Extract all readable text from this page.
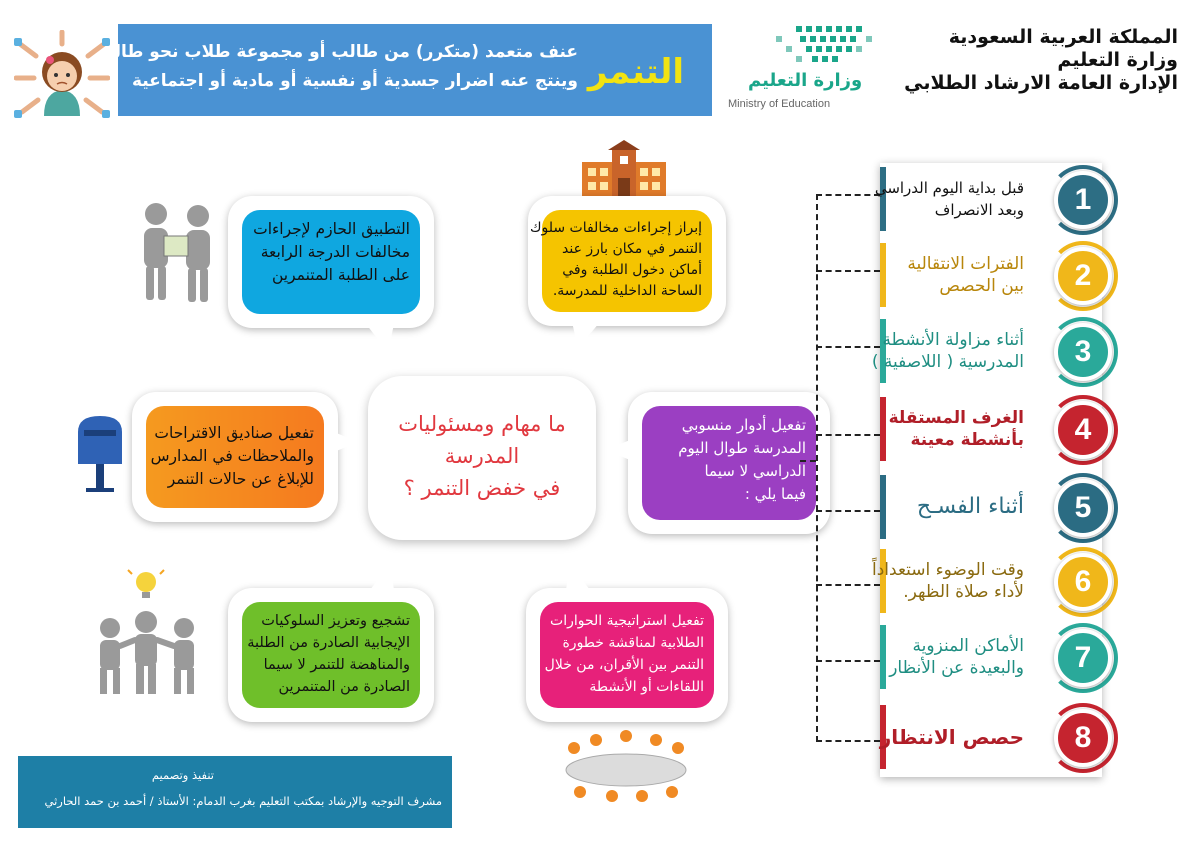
التنمر
عنف متعمد (متكرر) من طالب أو مجموعة طلاب نحو طالب
وينتج عنه اضرار جسدية أو نفسية أو مادية أو اجتماعية	وزارة التعليم
Ministry of Education
المملكة العربية السعودية
وزارة التعليم
الإدارة العامة الارشاد الطلابي
التطبيق الحازم لإجراءات
مخالفات الدرجة الرابعة
على الطلبة المتنمرين
إبراز إجراءات مخالفات سلوك
التنمر في مكان بارز عند
أماكن دخول الطلبة وفي
الساحة الداخلية للمدرسة.
تفعيل صناديق الاقتراحات
والملاحظات في المدارس
للإبلاغ عن حالات التنمر
تفعيل أدوار منسوبي
المدرسة طوال اليوم
الدراسي لا سيما
فيما يلي :
تشجيع وتعزيز السلوكيات
الإيجابية الصادرة من الطلبة
والمناهضة للتنمر لا سيما
الصادرة من المتنمرين
تفعيل استراتيجية الحوارات
الطلابية لمناقشة خطورة
التنمر بين الأقران، من خلال
اللقاءات أو الأنشطة
ما مهام ومسئوليات
المدرسة
في خفض التنمر ؟
قبل بداية اليوم الدراسي
وبعد الانصراف	1
الفترات الانتقالية
بين الحصص	2
أثناء مزاولة الأنشطة
المدرسية ( اللاصفية )	3
الغرف المستقلة
بأنشطة معينة	4
أثناء الفسـح	5
وقت الوضوء استعداداً
لأداء صلاة الظهر.	6
الأماكن المنزوية
والبعيدة عن الأنظار	7
حصص الانتظار	8
تنفيذ وتصميم
مشرف التوجيه والإرشاد بمكتب التعليم بغرب الدمام: الأستاذ / أحمد بن حمد الحارثي
